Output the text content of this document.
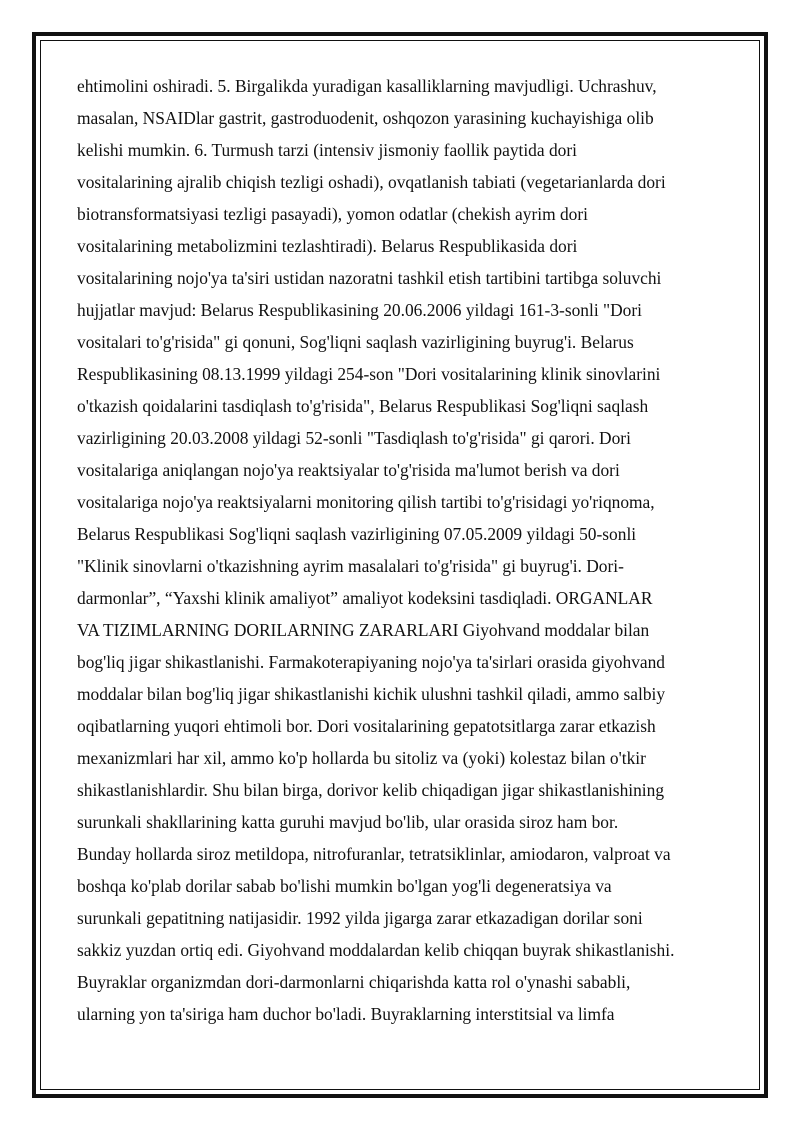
ehtimolini oshiradi. 5. Birgalikda yuradigan kasalliklarning mavjudligi. Uchrashuv,
masalan, NSAIDlar gastrit, gastroduodenit, oshqozon yarasining kuchayishiga olib
kelishi mumkin. 6. Turmush tarzi (intensiv jismoniy faollik paytida dori
vositalarining ajralib chiqish tezligi oshadi), ovqatlanish tabiati (vegetarianlarda dori
biotransformatsiyasi tezligi pasayadi), yomon odatlar (chekish ayrim dori
vositalarining metabolizmini tezlashtiradi). Belarus Respublikasida dori
vositalarining nojo'ya ta'siri ustidan nazoratni tashkil etish tartibini tartibga soluvchi
hujjatlar mavjud: Belarus Respublikasining 20.06.2006 yildagi 161-3-sonli "Dori
vositalari to'g'risida" gi qonuni, Sog'liqni saqlash vazirligining buyrug'i. Belarus
Respublikasining 08.13.1999 yildagi 254-son "Dori vositalarining klinik sinovlarini
o'tkazish qoidalarini tasdiqlash to'g'risida", Belarus Respublikasi Sog'liqni saqlash
vazirligining 20.03.2008 yildagi 52-sonli "Tasdiqlash to'g'risida" gi qarori. Dori
vositalariga aniqlangan nojo'ya reaktsiyalar to'g'risida ma'lumot berish va dori
vositalariga nojo'ya reaktsiyalarni monitoring qilish tartibi to'g'risidagi yo'riqnoma,
Belarus Respublikasi Sog'liqni saqlash vazirligining 07.05.2009 yildagi 50-sonli
"Klinik sinovlarni o'tkazishning ayrim masalalari to'g'risida" gi buyrug'i. Dori-
darmonlar”, “Yaxshi klinik amaliyot” amaliyot kodeksini tasdiqladi. ORGANLAR
VA TIZIMLARNING DORILARNING ZARARLARI Giyohvand moddalar bilan
bog'liq jigar shikastlanishi. Farmakoterapiyaning nojo'ya ta'sirlari orasida giyohvand
moddalar bilan bog'liq jigar shikastlanishi kichik ulushni tashkil qiladi, ammo salbiy
oqibatlarning yuqori ehtimoli bor. Dori vositalarining gepatotsitlarga zarar etkazish
mexanizmlari har xil, ammo ko'p hollarda bu sitoliz va (yoki) kolestaz bilan o'tkir
shikastlanishlardir. Shu bilan birga, dorivor kelib chiqadigan jigar shikastlanishining
surunkali shakllarining katta guruhi mavjud bo'lib, ular orasida siroz ham bor.
Bunday hollarda siroz metildopa, nitrofuranlar, tetratsiklinlar, amiodaron, valproat va
boshqa ko'plab dorilar sabab bo'lishi mumkin bo'lgan yog'li degeneratsiya va
surunkali gepatitning natijasidir. 1992 yilda jigarga zarar etkazadigan dorilar soni
sakkiz yuzdan ortiq edi. Giyohvand moddalardan kelib chiqqan buyrak shikastlanishi.
Buyraklar organizmdan dori-darmonlarni chiqarishda katta rol o'ynashi sababli,
ularning yon ta'siriga ham duchor bo'ladi. Buyraklarning interstitsial va limfa
